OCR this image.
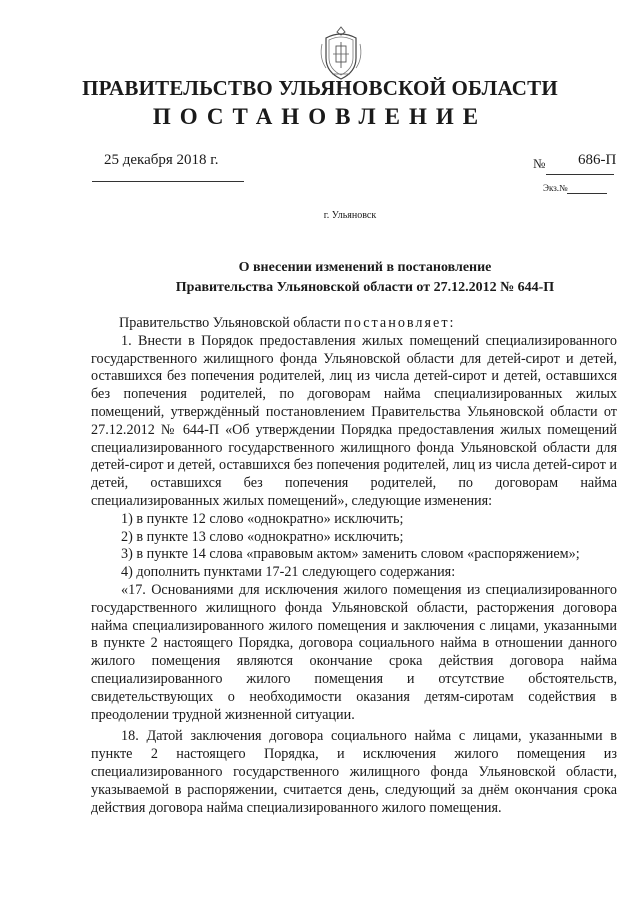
ПРАВИТЕЛЬСТВО УЛЬЯНОВСКОЙ ОБЛАСТИ
ПОСТАНОВЛЕНИЕ
25 декабря 2018 г.	№ 686-П
Экз.№
г. Ульяновск
О внесении изменений в постановление
Правительства Ульяновской области от 27.12.2012 № 644-П

Правительство Ульяновской области постановляет:

1. Внести в Порядок предоставления жилых помещений специализированного государственного жилищного фонда Ульяновской области для детей-сирот и детей, оставшихся без попечения родителей, лиц из числа детей-сирот и детей, оставшихся без попечения родителей, по договорам найма специализированных жилых помещений, утверждённый постановлением Правительства Ульяновской области от 27.12.2012 № 644-П «Об утверждении Порядка предоставления жилых помещений специализированного государственного жилищного фонда Ульяновской области для детей-сирот и детей, оставшихся без попечения родителей, лиц из числа детей-сирот и детей, оставшихся без попечения родителей, по договорам найма специализированных жилых помещений», следующие изменения:

1) в пункте 12 слово «однократно» исключить;

2) в пункте 13 слово «однократно» исключить;

3) в пункте 14 слова «правовым актом» заменить словом «распоряжением»;

4) дополнить пунктами 17-21 следующего содержания:

«17. Основаниями для исключения жилого помещения из специализированного государственного жилищного фонда Ульяновской области, расторжения договора найма специализированного жилого помещения и заключения с лицами, указанными в пункте 2 настоящего Порядка, договора социального найма в отношении данного жилого помещения являются окончание срока действия договора найма специализированного жилого помещения и отсутствие обстоятельств, свидетельствующих о необходимости оказания детям-сиротам содействия в преодолении трудной жизненной ситуации.

18. Датой заключения договора социального найма с лицами, указанными в пункте 2 настоящего Порядка, и исключения жилого помещения из специализированного государственного жилищного фонда Ульяновской области, указываемой в распоряжении, считается день, следующий за днём окончания срока действия договора найма специализированного жилого помещения.
